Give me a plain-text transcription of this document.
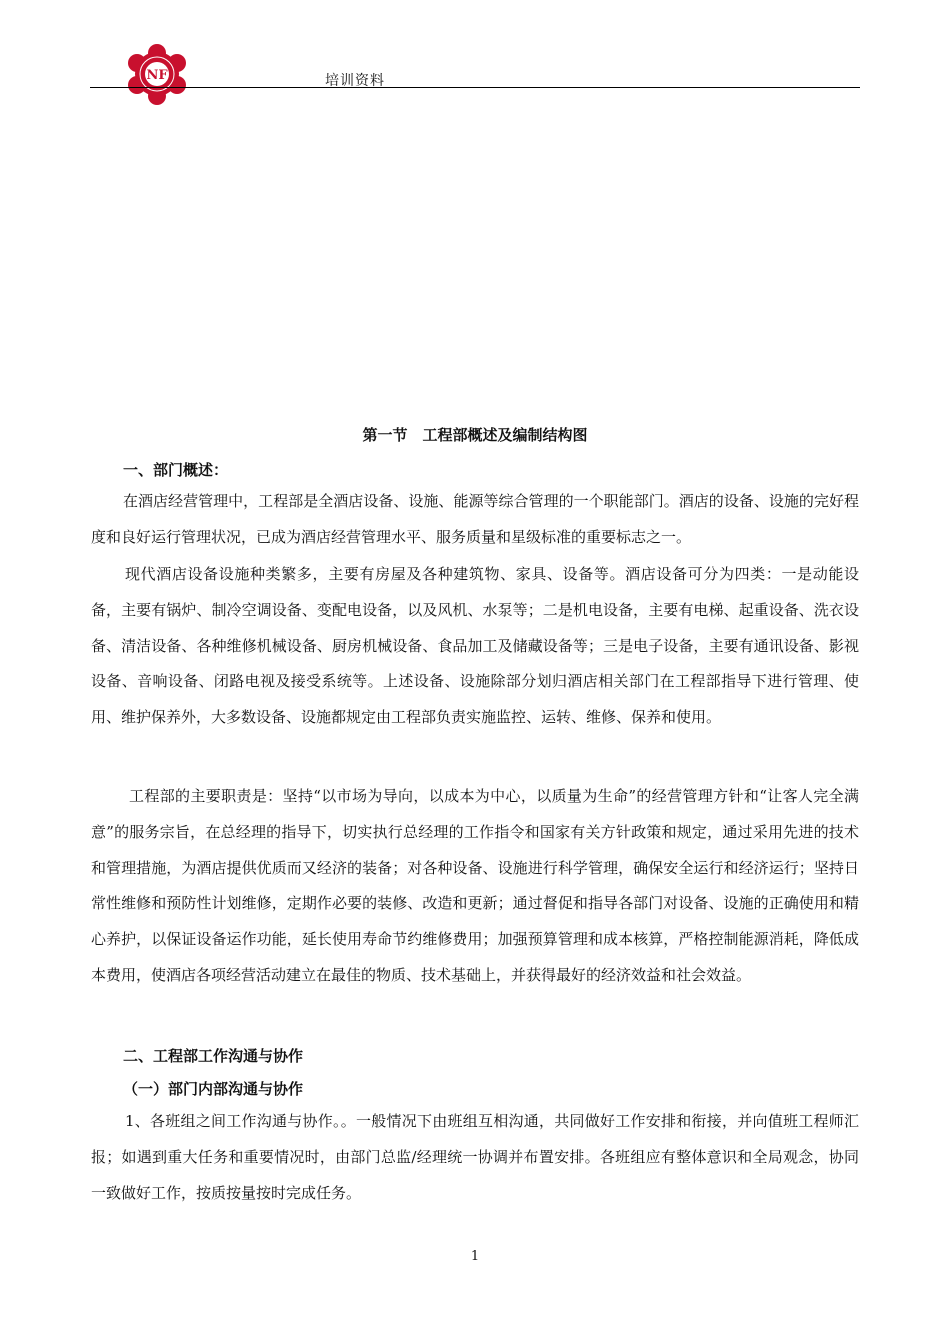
NF	培训资料
第一节　工程部概述及编制结构图
一、部门概述：
在酒店经营管理中，工程部是全酒店设备、设施、能源等综合管理的一个职能部门。酒店的设备、设施的完好程度和良好运行管理状况，已成为酒店经营管理水平、服务质量和星级标准的重要标志之一。
现代酒店设备设施种类繁多，主要有房屋及各种建筑物、家具、设备等。酒店设备可分为四类：一是动能设备，主要有锅炉、制冷空调设备、变配电设备，以及风机、水泵等；二是机电设备，主要有电梯、起重设备、洗衣设备、清洁设备、各种维修机械设备、厨房机械设备、食品加工及储藏设备等；三是电子设备，主要有通讯设备、影视设备、音响设备、闭路电视及接受系统等。上述设备、设施除部分划归酒店相关部门在工程部指导下进行管理、使用、维护保养外，大多数设备、设施都规定由工程部负责实施监控、运转、维修、保养和使用。
工程部的主要职责是：坚持“以市场为导向，以成本为中心，以质量为生命”的经营管理方针和“让客人完全满意”的服务宗旨，在总经理的指导下，切实执行总经理的工作指令和国家有关方针政策和规定，通过采用先进的技术和管理措施，为酒店提供优质而又经济的装备；对各种设备、设施进行科学管理，确保安全运行和经济运行；坚持日常性维修和预防性计划维修，定期作必要的装修、改造和更新；通过督促和指导各部门对设备、设施的正确使用和精心养护，以保证设备运作功能，延长使用寿命节约维修费用；加强预算管理和成本核算，严格控制能源消耗，降低成本费用，使酒店各项经营活动建立在最佳的物质、技术基础上，并获得最好的经济效益和社会效益。
二、工程部工作沟通与协作
（一）部门内部沟通与协作
1、各班组之间工作沟通与协作。。一般情况下由班组互相沟通，共同做好工作安排和衔接，并向值班工程师汇报；如遇到重大任务和重要情况时，由部门总监/经理统一协调并布置安排。各班组应有整体意识和全局观念，协同一致做好工作，按质按量按时完成任务。
1
